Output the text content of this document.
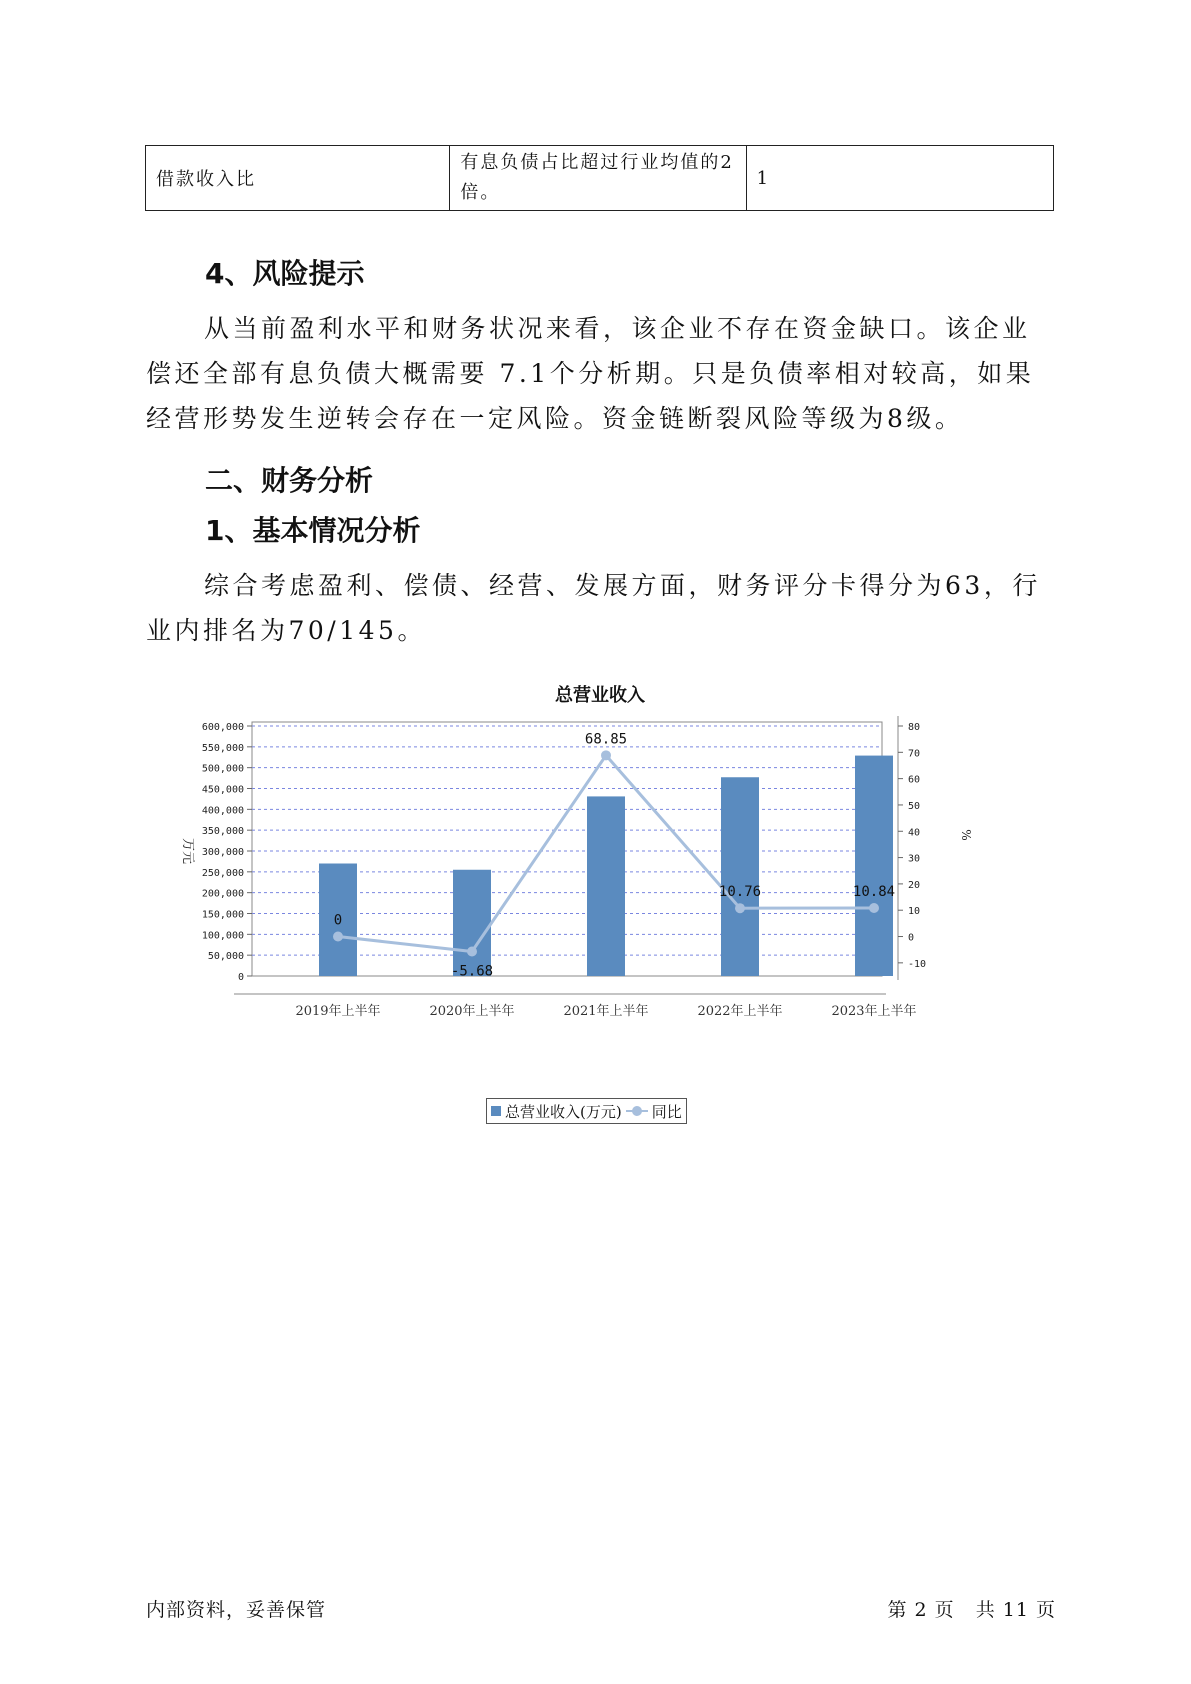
借款收入比	有息负债占比超过行业均值的2倍。	1
4、风险提示

从当前盈利水平和财务状况来看，该企业不存在资金缺口。该企业偿还全部有息负债大概需要 7.1个分析期。只是负债率相对较高，如果经营形势发生逆转会存在一定风险。资金链断裂风险等级为8级。

二、财务分析
1、基本情况分析

综合考虑盈利、偿债、经营、发展方面，财务评分卡得分为63，行业内排名为70/145。

总营业收入
0
50,000
100,000
150,000
200,000
250,000
300,000
350,000
400,000
450,000
500,000
550,000
600,000
万元
-10
0
10
20
30
40
50
60
70
80
%
2019年上半年	2020年上半年	2021年上半年	2022年上半年	2023年上半年
0
-5.68
68.85
10.76	10.84
总营业收入(万元) 同比
内部资料，妥善保管	第 2 页   共 11 页
